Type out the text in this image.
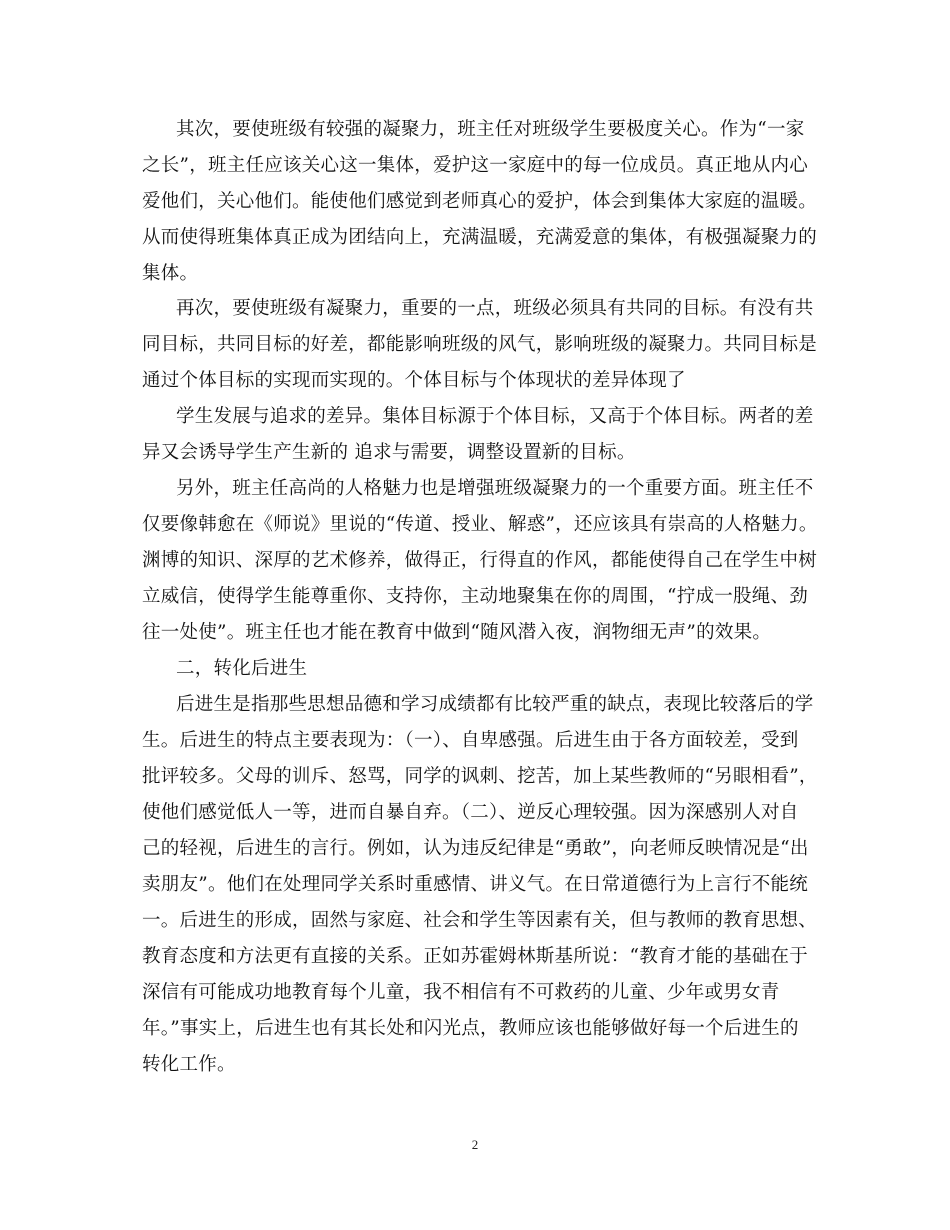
其次，要使班级有较强的凝聚力，班主任对班级学生要极度关心。作为“一家
之长”，班主任应该关心这一集体，爱护这一家庭中的每一位成员。真正地从内心
爱他们，关心他们。能使他们感觉到老师真心的爱护，体会到集体大家庭的温暖。
从而使得班集体真正成为团结向上，充满温暖，充满爱意的集体，有极强凝聚力的
集体。
再次，要使班级有凝聚力，重要的一点，班级必须具有共同的目标。有没有共
同目标，共同目标的好差，都能影响班级的风气，影响班级的凝聚力。共同目标是
通过个体目标的实现而实现的。个体目标与个体现状的差异体现了
学生发展与追求的差异。集体目标源于个体目标，又高于个体目标。两者的差
异又会诱导学生产生新的 追求与需要，调整设置新的目标。
另外，班主任高尚的人格魅力也是增强班级凝聚力的一个重要方面。班主任不
仅要像韩愈在《师说》里说的“传道、授业、解惑”，还应该具有崇高的人格魅力。
渊博的知识、深厚的艺术修养，做得正，行得直的作风，都能使得自己在学生中树
立威信，使得学生能尊重你、支持你，主动地聚集在你的周围，“拧成一股绳、劲
往一处使”。班主任也才能在教育中做到“随风潜入夜，润物细无声”的效果。
二，转化后进生
后进生是指那些思想品德和学习成绩都有比较严重的缺点，表现比较落后的学
生。后进生的特点主要表现为：（一）、自卑感强。后进生由于各方面较差，受到
批评较多。父母的训斥、怒骂，同学的讽刺、挖苦，加上某些教师的“另眼相看”，
使他们感觉低人一等，进而自暴自弃。（二）、逆反心理较强。因为深感别人对自
己的轻视，后进生的言行。例如，认为违反纪律是“勇敢”，向老师反映情况是“出
卖朋友”。他们在处理同学关系时重感情、讲义气。在日常道德行为上言行不能统
一。后进生的形成，固然与家庭、社会和学生等因素有关，但与教师的教育思想、
教育态度和方法更有直接的关系。正如苏霍姆林斯基所说：“教育才能的基础在于
深信有可能成功地教育每个儿童，我不相信有不可救药的儿童、少年或男女青
年。”事实上，后进生也有其长处和闪光点，教师应该也能够做好每一个后进生的
转化工作。
2
